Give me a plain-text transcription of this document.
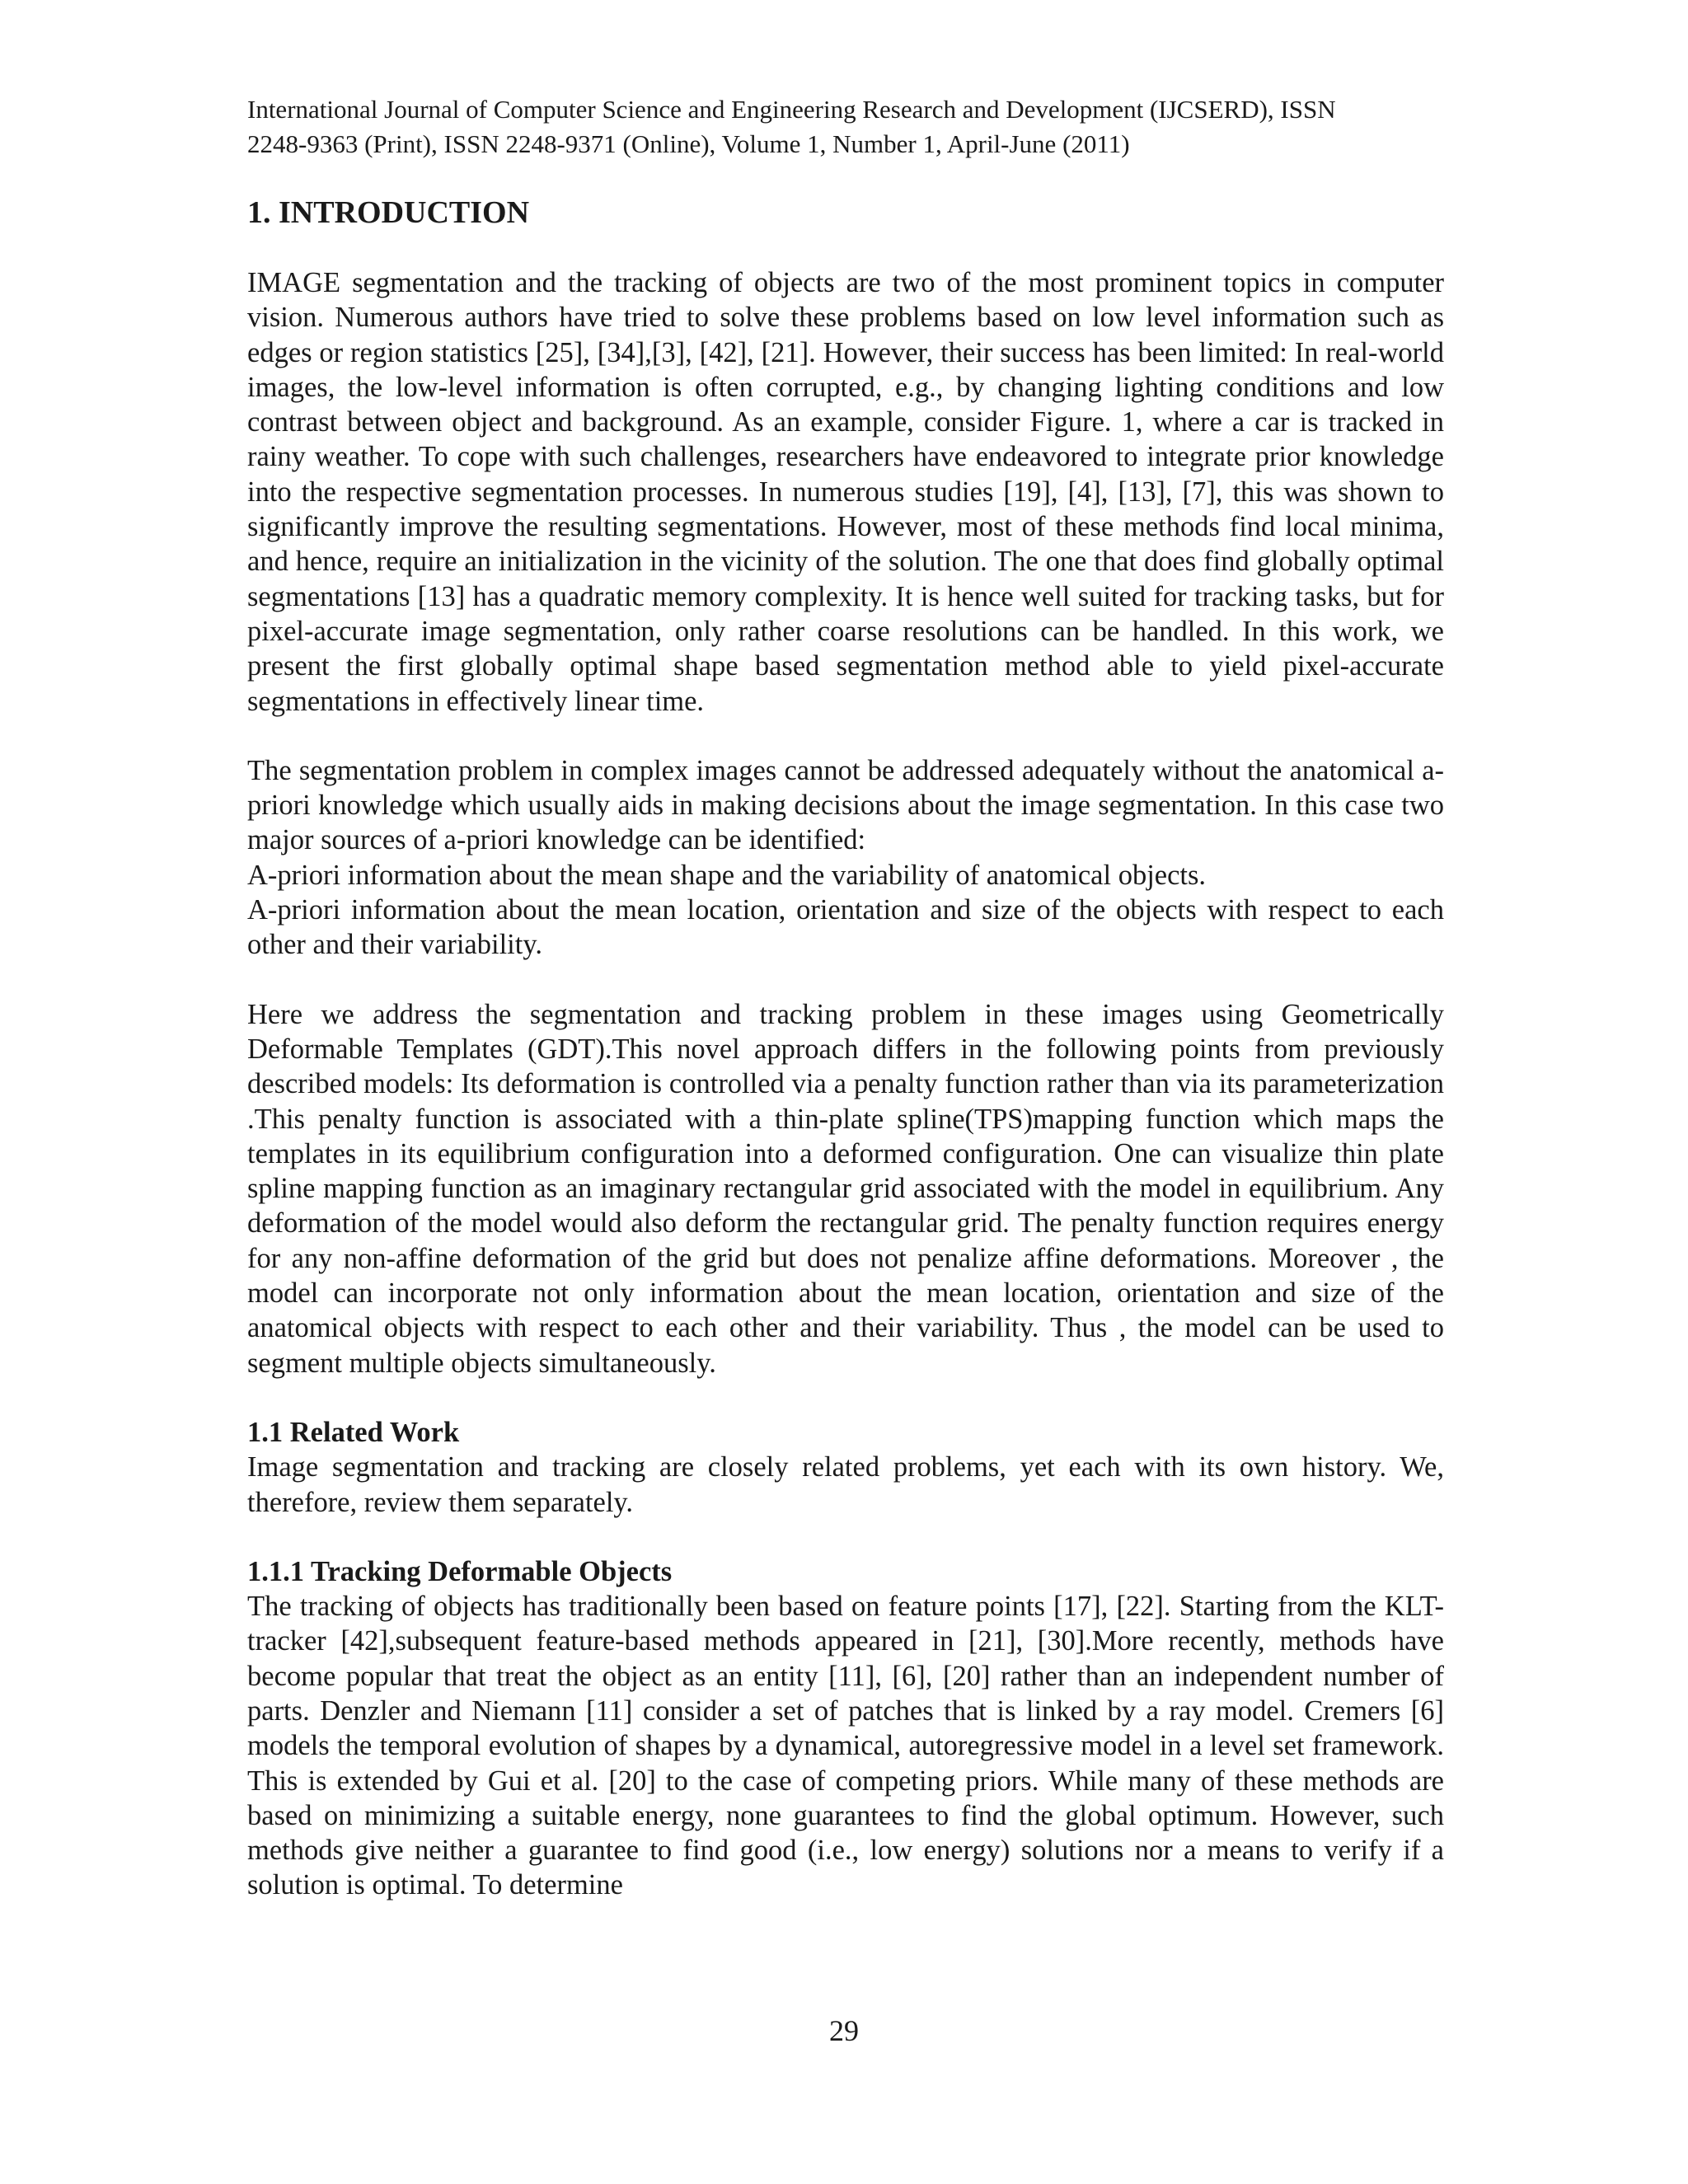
International Journal of Computer Science and Engineering Research and Development (IJCSERD), ISSN

2248-9363 (Print), ISSN 2248-9371 (Online), Volume 1, Number 1, April-June (2011)

1. INTRODUCTION

IMAGE segmentation and the tracking of objects are two of the most prominent topics in computer vision. Numerous authors have tried to solve these problems based on low level information such as edges or region statistics [25], [34],[3], [42], [21]. However, their success has been limited: In real-world images, the low-level information is often corrupted, e.g., by changing lighting conditions and low contrast between object and background. As an example, consider Figure. 1, where a car is tracked in rainy weather. To cope with such challenges, researchers have endeavored to integrate prior knowledge into the respective segmentation processes. In numerous studies [19], [4], [13], [7], this was shown to significantly improve the resulting segmentations. However, most of these methods find local minima, and hence, require an initialization in the vicinity of the solution. The one that does find globally optimal segmentations [13] has a quadratic memory complexity. It is hence well suited for tracking tasks, but for pixel-accurate image segmentation, only rather coarse resolutions can be handled. In this work, we present the first globally optimal shape based segmentation method able to yield pixel-accurate segmentations in effectively linear time.

The segmentation problem in complex images cannot be addressed adequately without the anatomical a-priori knowledge which usually aids in making decisions about the image segmentation. In this case two major sources of a-priori knowledge can be identified:

A-priori information about the mean shape and the variability of anatomical objects.

A-priori information about the mean location, orientation and size of the objects with respect to each other and their variability.

Here we address the segmentation and tracking problem in these images using Geometrically Deformable Templates (GDT).This novel approach differs in the following points from previously described models: Its deformation is controlled via a penalty function rather than via its parameterization .This penalty function is associated with a thin-plate spline(TPS)mapping function which maps the templates in its equilibrium configuration into a deformed configuration. One can visualize thin plate spline mapping function as an imaginary rectangular grid associated with the model in equilibrium. Any deformation of the model would also deform the rectangular grid. The penalty function requires energy for any non-affine deformation of the grid but does not penalize affine deformations. Moreover , the model can incorporate not only information about the mean location, orientation and size of the anatomical objects with respect to each other and their variability. Thus , the model can be used to segment multiple objects simultaneously.

1.1 Related Work

Image segmentation and tracking are closely related problems, yet each with its own history. We, therefore, review them separately.

1.1.1 Tracking Deformable Objects

The tracking of objects has traditionally been based on feature points [17], [22]. Starting from the KLT-tracker [42],subsequent feature-based methods appeared in [21], [30].More recently, methods have become popular that treat the object as an entity [11], [6], [20] rather than an independent number of parts. Denzler and Niemann [11] consider a set of patches that is linked by a ray model. Cremers [6] models the temporal evolution of shapes by a dynamical, autoregressive model in a level set framework. This is extended by Gui et al. [20] to the case of competing priors. While many of these methods are based on minimizing a suitable energy, none guarantees to find the global optimum. However, such methods give neither a guarantee to find good (i.e., low energy) solutions nor a means to verify if a solution is optimal. To determine

29
